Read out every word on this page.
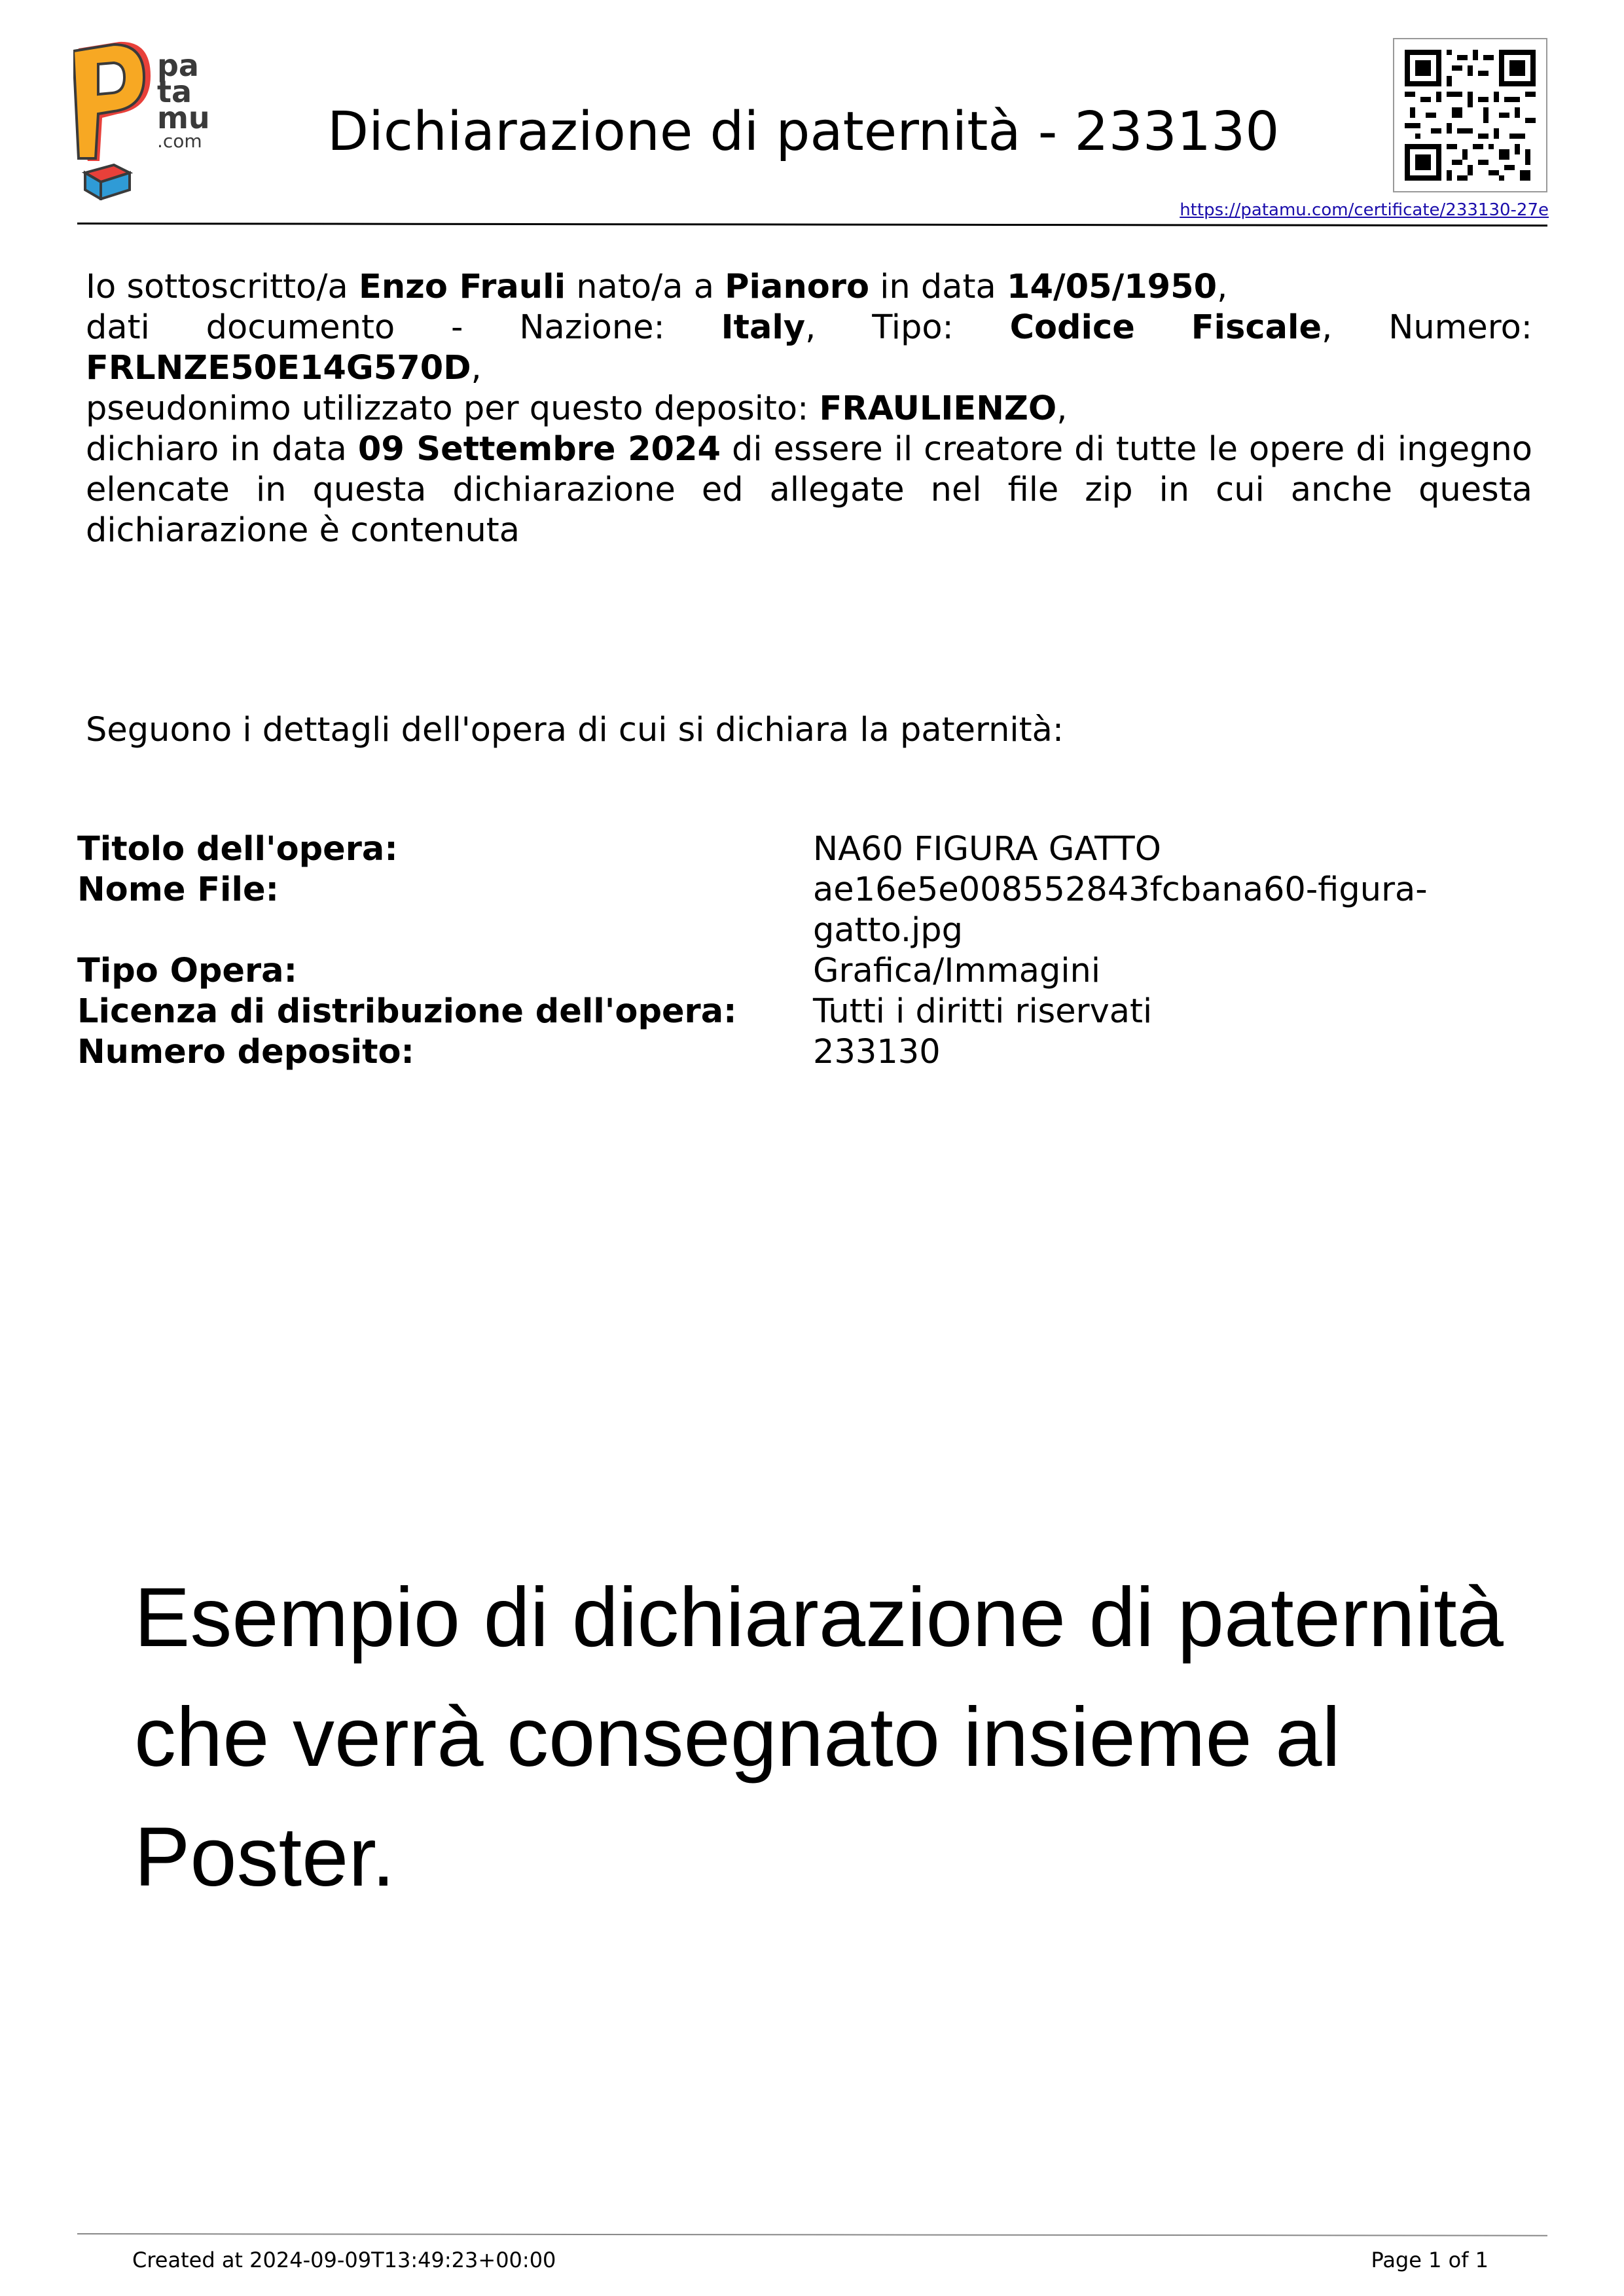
pa
ta
mu
.com Dichiarazione di paternità - 233130
https://patamu.com/certificate/233130-27e
Io sottoscritto/a Enzo Frauli nato/a a Pianoro in data 14/05/1950,
dati documento - Nazione: Italy, Tipo: Codice Fiscale, Numero:
FRLNZE50E14G570D,
pseudonimo utilizzato per questo deposito: FRAULIENZO,
dichiaro in data 09 Settembre 2024 di essere il creatore di tutte le opere di ingegno elencate in questa dichiarazione ed allegate nel file zip in cui anche questa dichiarazione è contenuta
Seguono i dettagli dell'opera di cui si dichiara la paternità:
Titolo dell'opera:	NA60 FIGURA GATTO
Nome File:	ae16e5e008552843fcbana60-figura-gatto.jpg
Tipo Opera:	Grafica/Immagini
Licenza di distribuzione dell'opera:	Tutti i diritti riservati
Numero deposito:	233130
Esempio di dichiarazione di paternità che verrà consegnato insieme al Poster.
Created at 2024-09-09T13:49:23+00:00	Page 1 of 1
